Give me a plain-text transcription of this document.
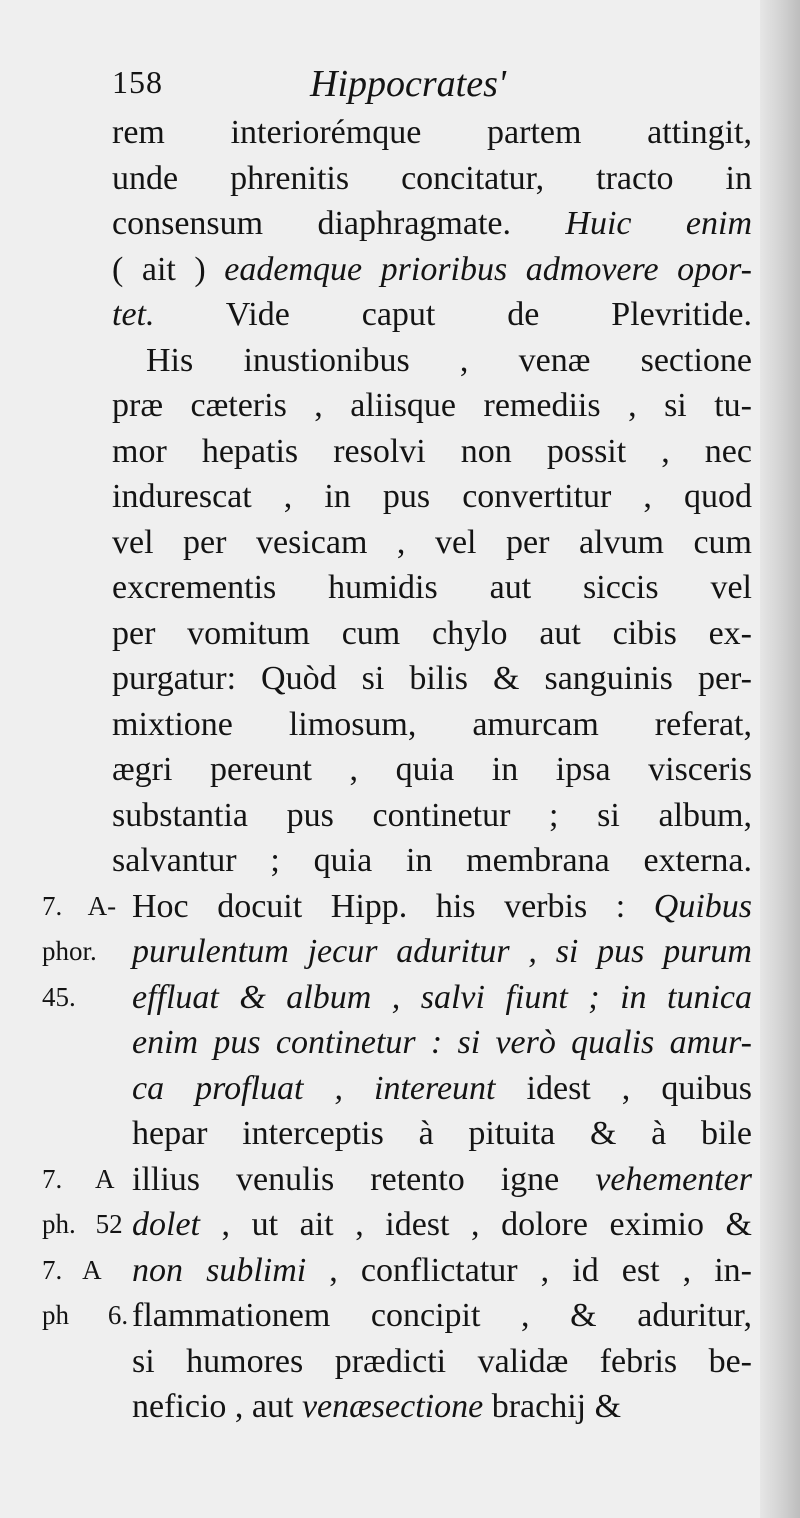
158	Hippocrates'
rem interiorémque partem attingit,
unde phrenitis concitatur, tracto in
consensum diaphragmate. Huic enim
( ait ) eademque prioribus admovere opor-
tet. Vide caput de Plevritide.
His inustionibus , venæ sectione
præ cæteris , aliisque remediis , si tu-
mor hepatis resolvi non possit , nec
indurescat , in pus convertitur , quod
vel per vesicam , vel per alvum cum
excrementis humidis aut siccis vel
per vomitum cum chylo aut cibis ex-
purgatur: Quòd si bilis & sanguinis per-
mixtione limosum, amurcam referat,
ægri pereunt , quia in ipsa visceris
substantia pus continetur ; si album,
salvantur ; quia in membrana externa.
7. A- Hoc docuit Hipp. his verbis : Quibus
phor.	purulentum jecur aduritur , si pus purum
45.	effluat & album , salvi fiunt ; in tunica
enim pus continetur : si verò qualis amur-
ca profluat , intereunt idest , quibus
hepar interceptis à pituita & à bile
7. A illius venulis retento igne vehementer
ph. 52 dolet , ut ait , idest , dolore eximio &
7. A non sublimi , conflictatur , id est , in-
ph 6. flammationem concipit , & aduritur,
si humores prædicti validæ febris be-
neficio , aut venæsectione brachij &
